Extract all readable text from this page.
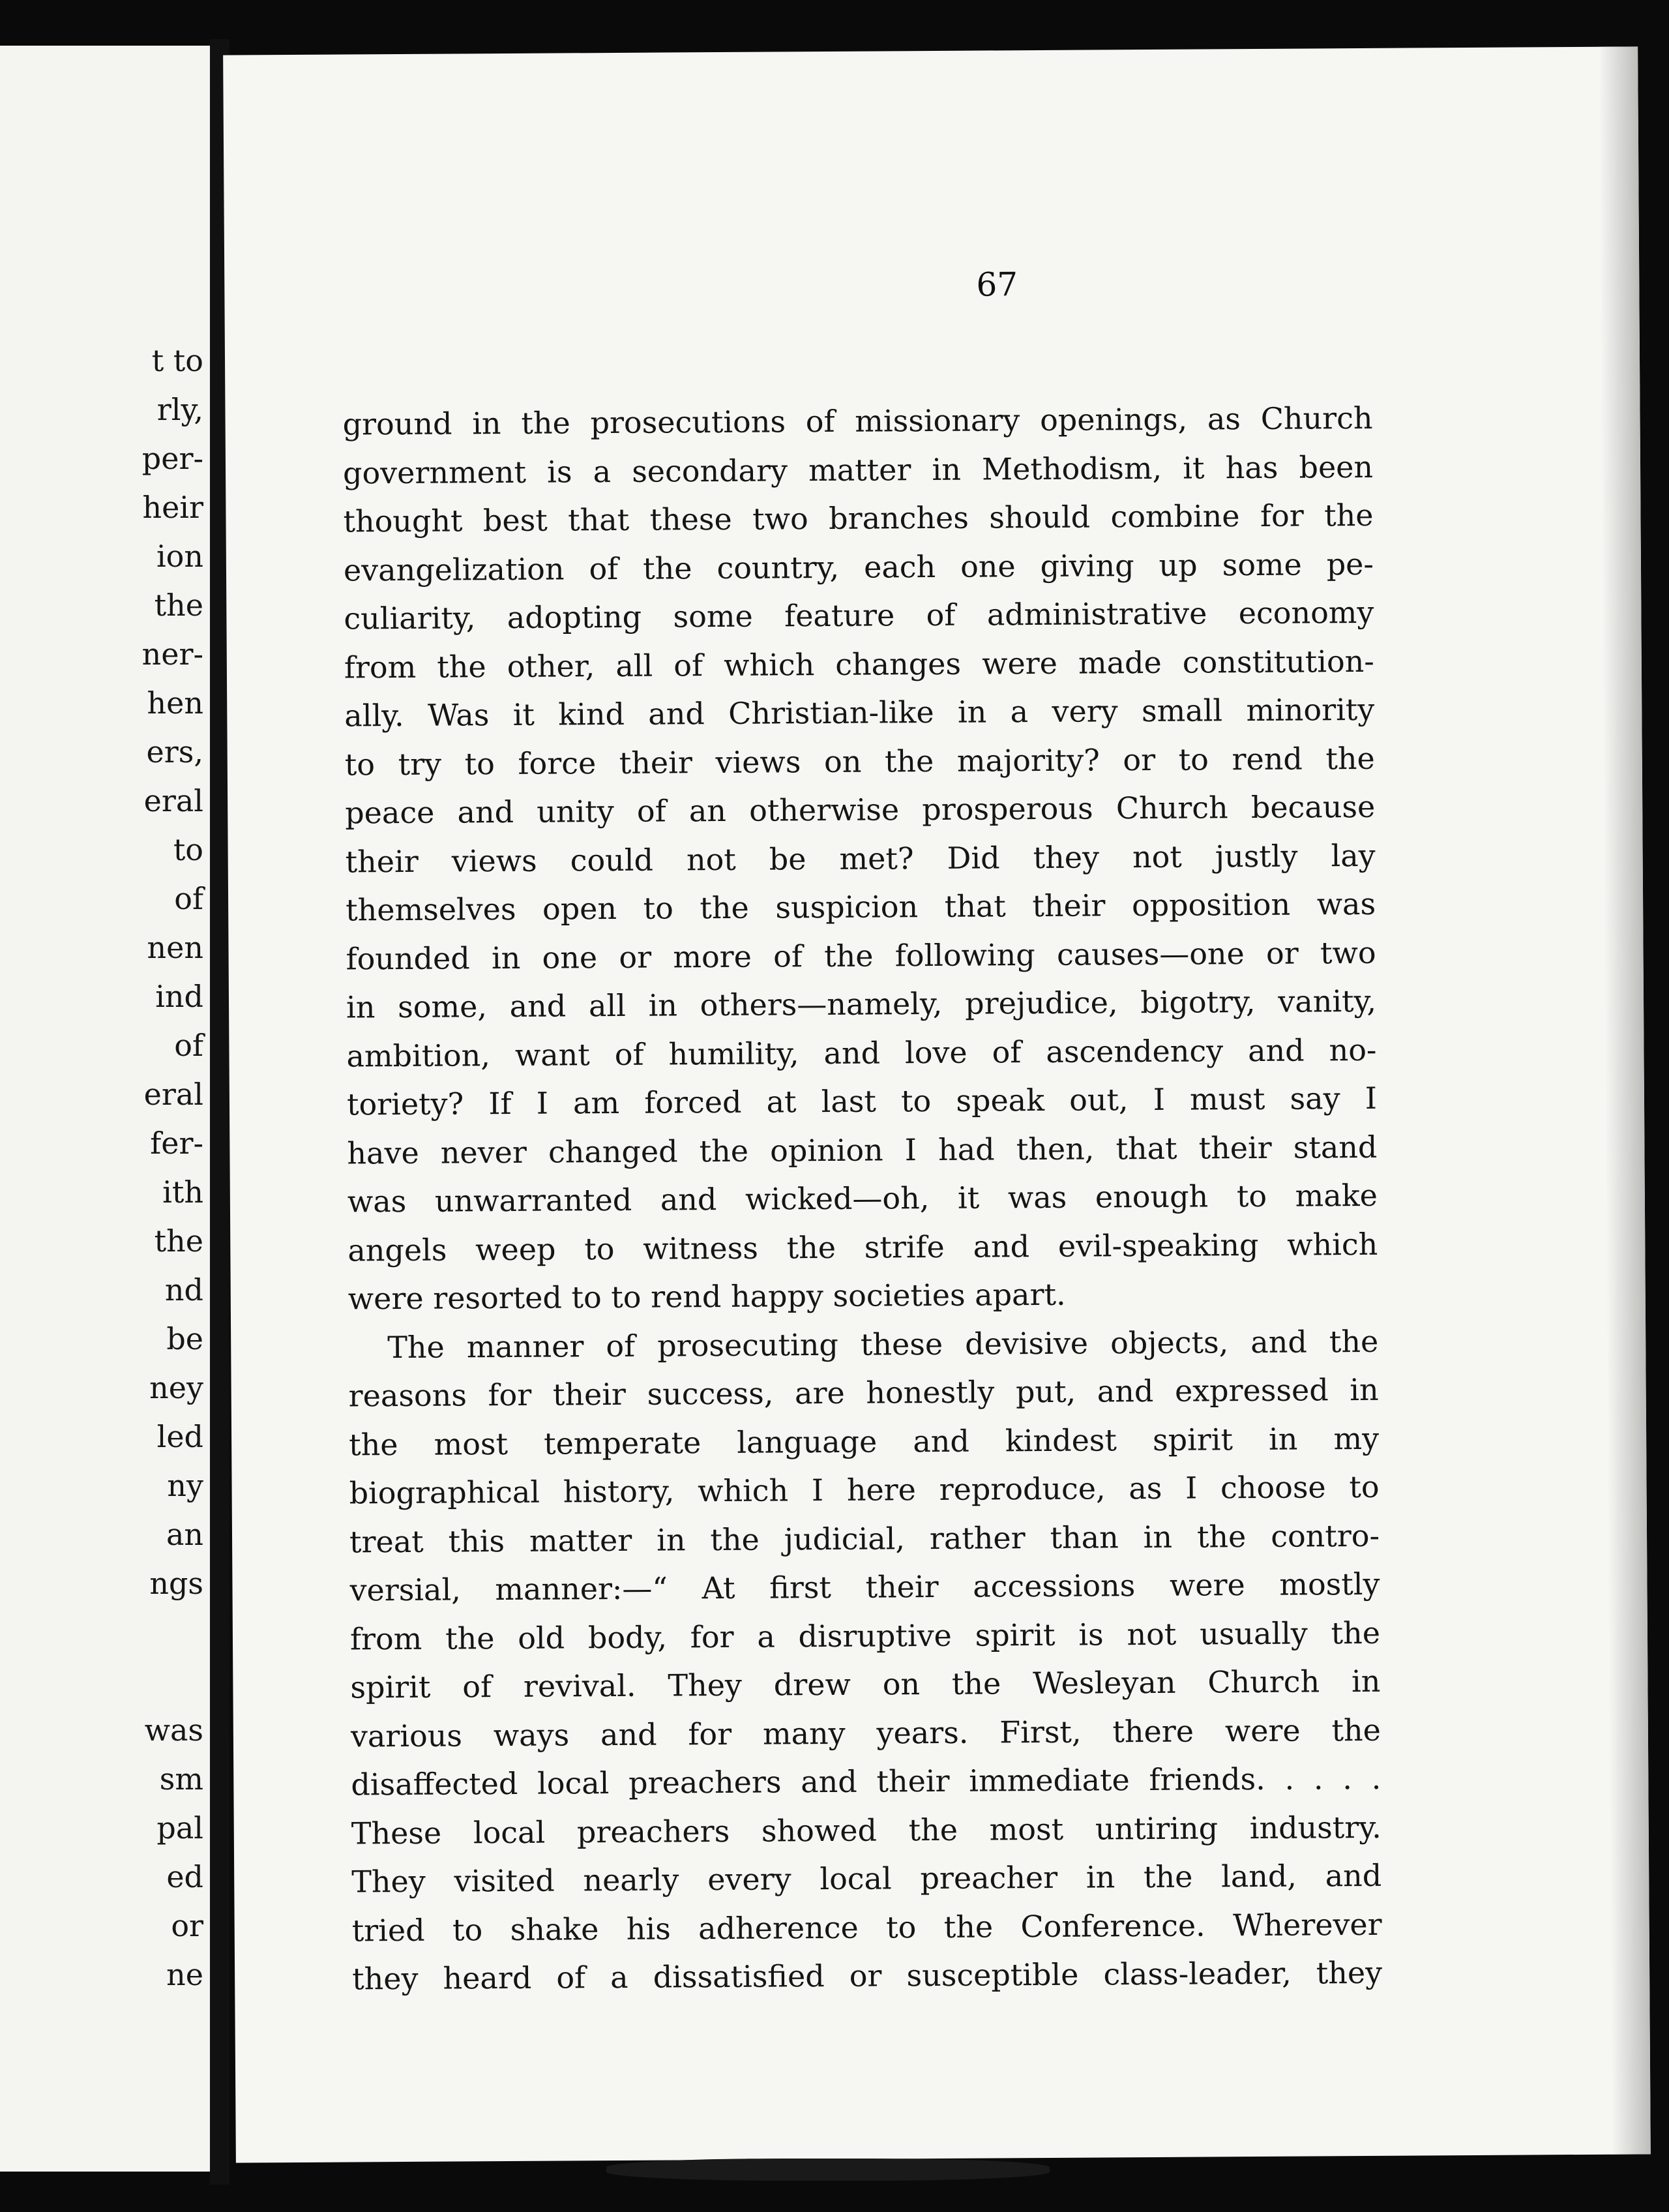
t to
rly,
per-
heir
ion
the
ner-
hen
ers,
eral
to
of
nen
ind
of
eral
fer-
ith
the
nd
be
ney
led
ny
an
ngs
was
sm
pal
ed
or
ne
67
ground in the prosecutions of missionary openings, as Church
government is a secondary matter in Methodism, it has been
thought best that these two branches should combine for the
evangelization of the country, each one giving up some pe-
culiarity, adopting some feature of administrative economy
from the other, all of which changes were made constitution-
ally. Was it kind and Christian-like in a very small minority
to try to force their views on the majority? or to rend the
peace and unity of an otherwise prosperous Church because
their views could not be met? Did they not justly lay
themselves open to the suspicion that their opposition was
founded in one or more of the following causes—one or two
in some, and all in others—namely, prejudice, bigotry, vanity,
ambition, want of humility, and love of ascendency and no-
toriety? If I am forced at last to speak out, I must say I
have never changed the opinion I had then, that their stand
was unwarranted and wicked—oh, it was enough to make
angels weep to witness the strife and evil-speaking which
were resorted to to rend happy societies apart.
The manner of prosecuting these devisive objects, and the
reasons for their success, are honestly put, and expressed in
the most temperate language and kindest spirit in my
biographical history, which I here reproduce, as I choose to
treat this matter in the judicial, rather than in the contro-
versial, manner:—“ At first their accessions were mostly
from the old body, for a disruptive spirit is not usually the
spirit of revival. They drew on the Wesleyan Church in
various ways and for many years. First, there were the
disaffected local preachers and their immediate friends. . . . .
These local preachers showed the most untiring industry.
They visited nearly every local preacher in the land, and
tried to shake his adherence to the Conference. Wherever
they heard of a dissatisfied or susceptible class-leader, they
